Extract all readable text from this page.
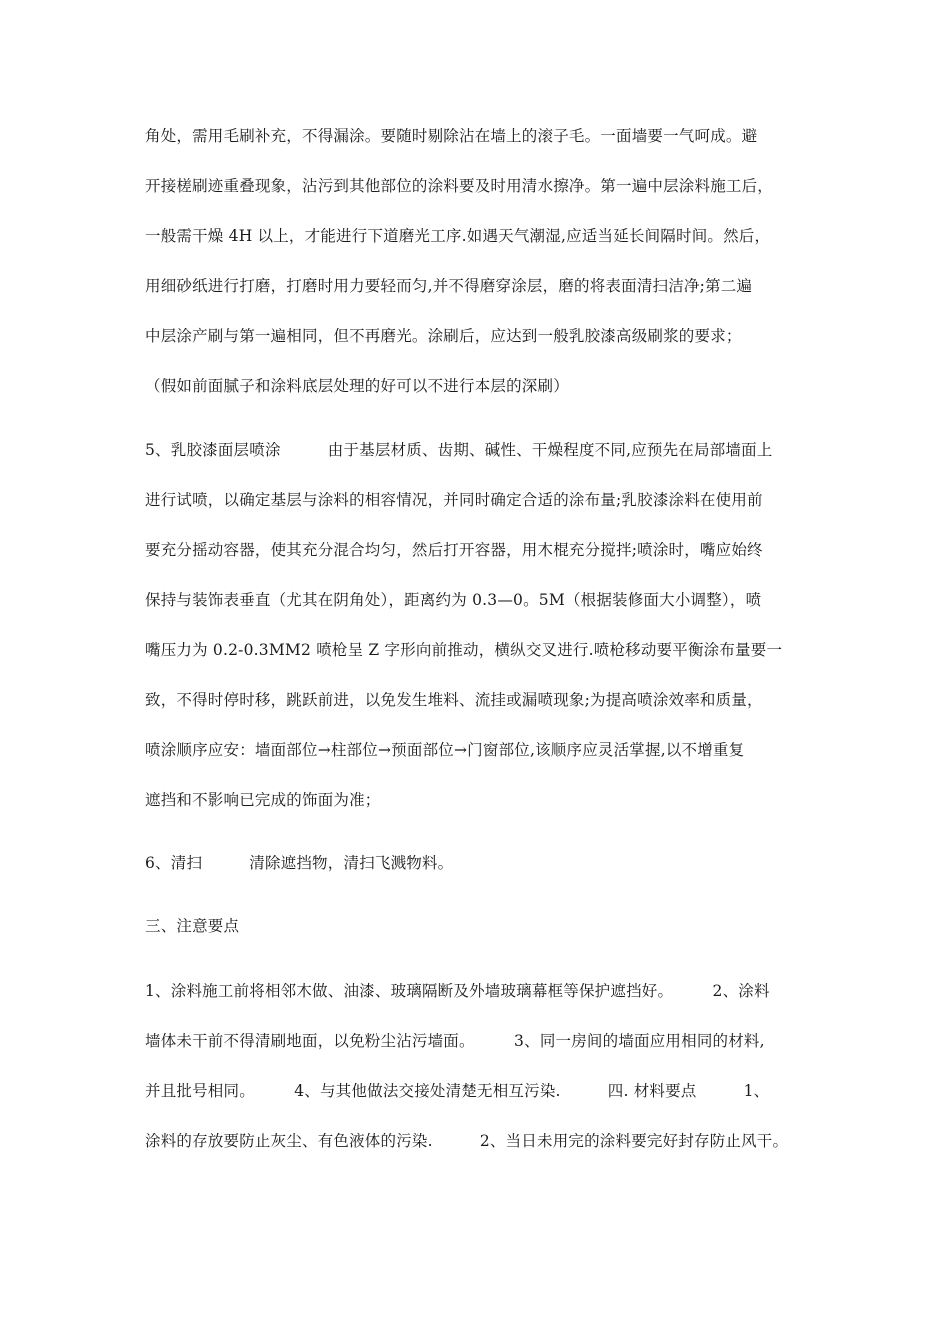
角处，需用毛刷补充，不得漏涂。要随时剔除沾在墙上的滚子毛。一面墙要一气呵成。避
开接槎刷迹重叠现象，沾污到其他部位的涂料要及时用清水擦净。第一遍中层涂料施工后，
一般需干燥 4H 以上，才能进行下道磨光工序.如遇天气潮湿,应适当延长间隔时间。然后，
用细砂纸进行打磨，打磨时用力要轻而匀,并不得磨穿涂层，磨的将表面清扫洁净;第二遍
中层涂产刷与第一遍相同，但不再磨光。涂刷后，应达到一般乳胶漆高级刷浆的要求；
（假如前面腻子和涂料底层处理的好可以不进行本层的深刷）
5、乳胶漆面层喷涂　　　由于基层材质、齿期、碱性、干燥程度不同,应预先在局部墙面上
进行试喷，以确定基层与涂料的相容情况，并同时确定合适的涂布量;乳胶漆涂料在使用前
要充分摇动容器，使其充分混合均匀，然后打开容器，用木棍充分搅拌;喷涂时，嘴应始终
保持与装饰表垂直（尤其在阴角处），距离约为 0.3—0。5M（根据装修面大小调整），喷
嘴压力为 0.2-0.3MM2 喷枪呈 Z 字形向前推动，横纵交叉进行.喷枪移动要平衡涂布量要一
致，不得时停时移，跳跃前进，以免发生堆料、流挂或漏喷现象;为提高喷涂效率和质量，
喷涂顺序应安：墙面部位→柱部位→预面部位→门窗部位,该顺序应灵活掌握,以不增重复
遮挡和不影响已完成的饰面为准；
6、清扫　　　清除遮挡物，清扫飞溅物料。
三、注意要点
1、涂料施工前将相邻木做、油漆、玻璃隔断及外墙玻璃幕框等保护遮挡好。　　　2、涂料
墙体未干前不得清刷地面，以免粉尘沾污墙面。　　　3、同一房间的墙面应用相同的材料,
并且批号相同。　　　4、与其他做法交接处清楚无相互污染.　　　四. 材料要点　　　1、
涂料的存放要防止灰尘、有色液体的污染.　　　2、当日未用完的涂料要完好封存防止风干。
